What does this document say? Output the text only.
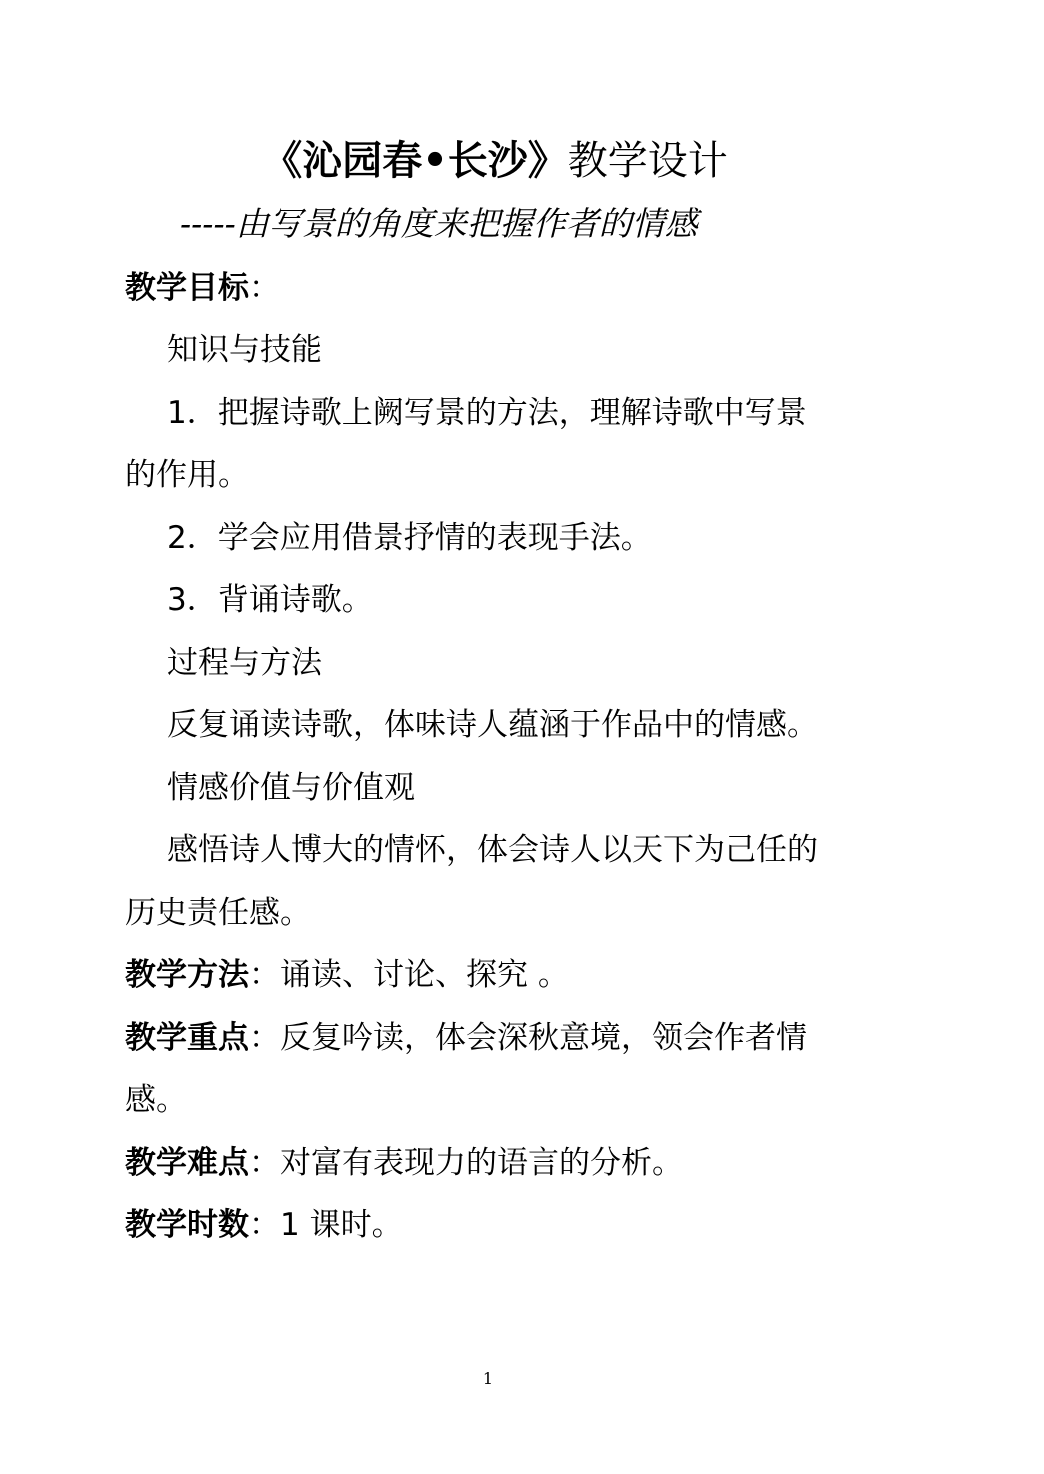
《沁园春•长沙》教学设计
-----由写景的角度来把握作者的情感
教学目标：
知识与技能
1．把握诗歌上阙写景的方法，理解诗歌中写景
的作用。
2．学会应用借景抒情的表现手法。
3．背诵诗歌。
过程与方法
反复诵读诗歌，体味诗人蕴涵于作品中的情感。
情感价值与价值观
感悟诗人博大的情怀，体会诗人以天下为己任的
历史责任感。
教学方法：诵读、讨论、探究 。
教学重点：反复吟读，体会深秋意境，领会作者情
感。
教学难点：对富有表现力的语言的分析。
教学时数：1 课时。
1
